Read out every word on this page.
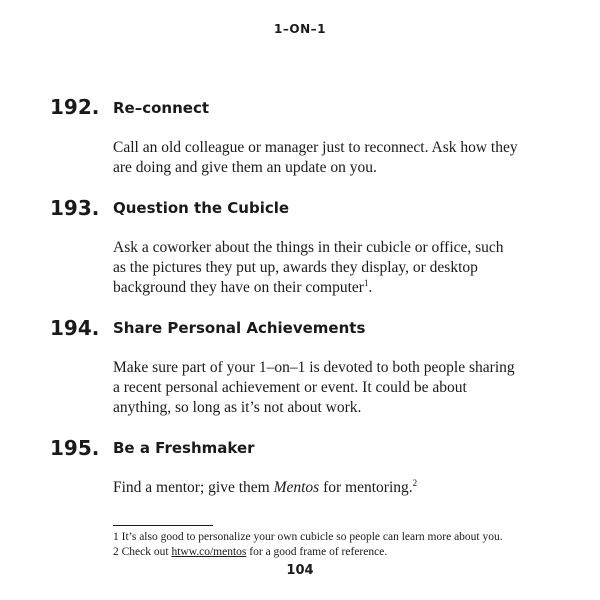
1–ON–1
192. Re–connect
Call an old colleague or manager just to reconnect. Ask how they
are doing and give them an update on you.
193. Question the Cubicle
Ask a coworker about the things in their cubicle or office, such
as the pictures they put up, awards they display, or desktop
background they have on their computer$^1$.
194. Share Personal Achievements
Make sure part of your 1–on–1 is devoted to both people sharing
a recent personal achievement or event. It could be about
anything, so long as it’s not about work.
195. Be a Freshmaker
Find a mentor; give them Mentos for mentoring.$^2$
1 It’s also good to personalize your own cubicle so people can learn more about you.
2 Check out htww.co/mentos for a good frame of reference.
104
